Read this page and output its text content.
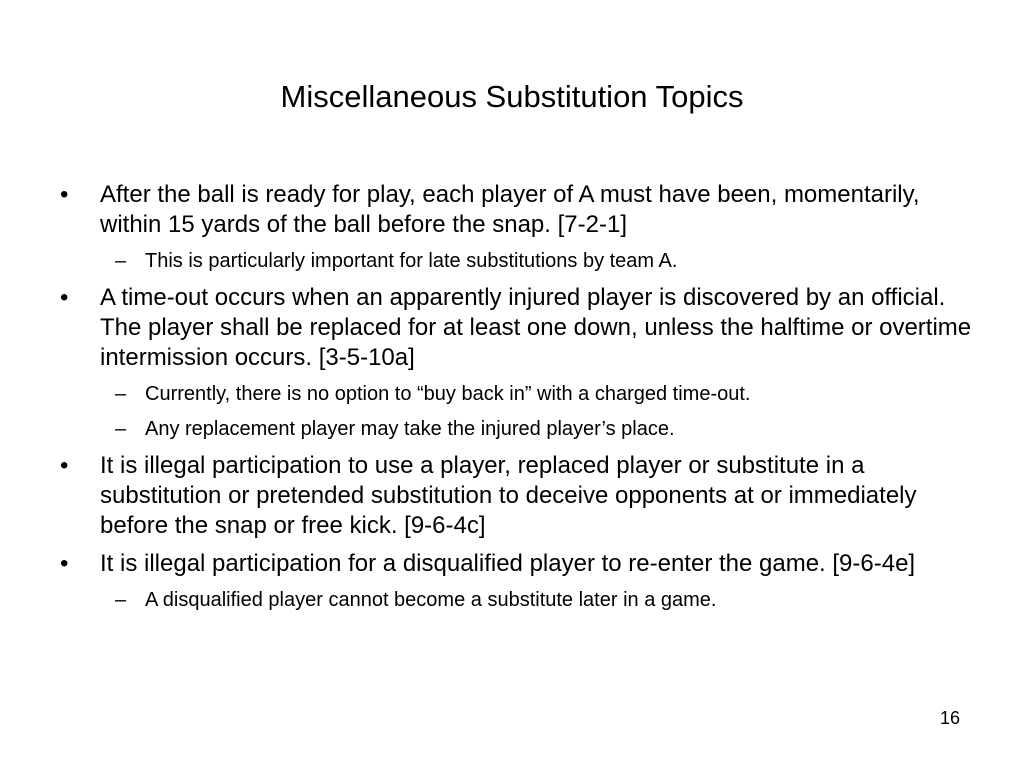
Miscellaneous Substitution Topics
•	After the ball is ready for play, each player of A must have been, momentarily, within 15 yards of the ball before the snap. [7-2-1]
– This is particularly important for late substitutions by team A.
•	A time-out occurs when an apparently injured player is discovered by an official. The player shall be replaced for at least one down, unless the halftime or overtime intermission occurs. [3-5-10a]
– Currently, there is no option to “buy back in” with a charged time-out.
– Any replacement player may take the injured player’s place.
•	It is illegal participation to use a player, replaced player or substitute in a substitution or pretended substitution to deceive opponents at or immediately before the snap or free kick. [9-6-4c]
•	It is illegal participation for a disqualified player to re-enter the game. [9-6-4e]
– A disqualified player cannot become a substitute later in a game.
16
